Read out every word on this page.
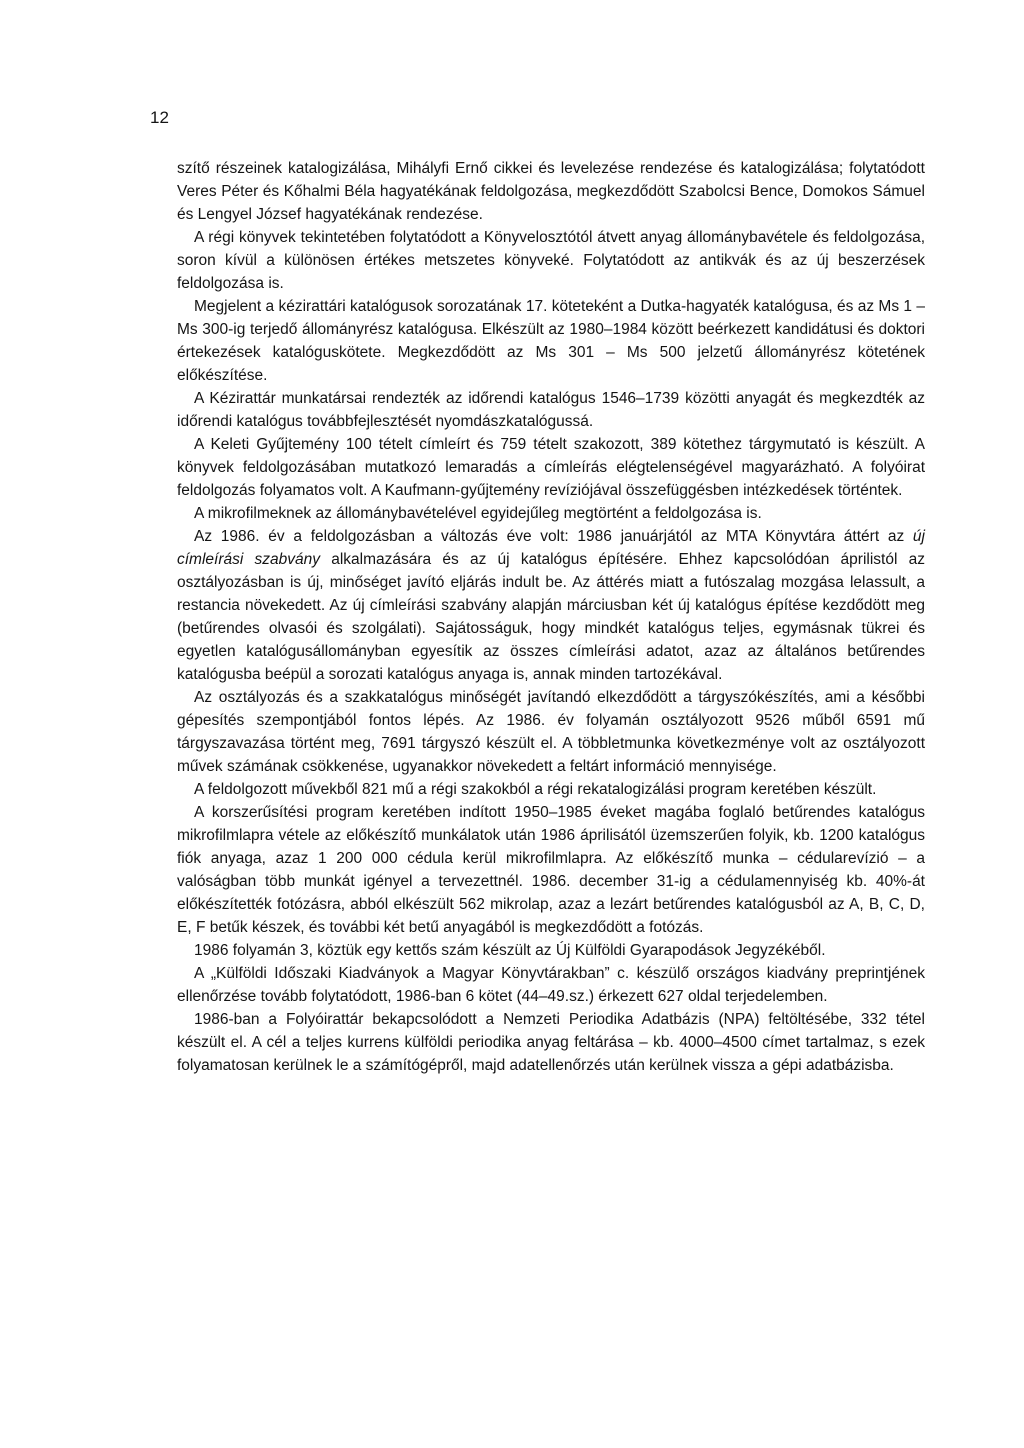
12

szítő részeinek katalogizálása, Mihályfi Ernő cikkei és levelezése rendezése és katalogizálása; folytatódott Veres Péter és Kőhalmi Béla hagyatékának feldolgozása, megkezdődött Szabolcsi Bence, Domokos Sámuel és Lengyel József hagyatékának rendezése.

A régi könyvek tekintetében folytatódott a Könyvelosztótól átvett anyag állománybavétele és feldolgozása, soron kívül a különösen értékes metszetes könyveké. Folytatódott az antikvák és az új beszerzések feldolgozása is.

Megjelent a kézirattári katalógusok sorozatának 17. köteteként a Dutka-hagyaték katalógusa, és az Ms 1 – Ms 300-ig terjedő állományrész katalógusa. Elkészült az 1980–1984 között beérkezett kandidátusi és doktori értekezések katalóguskötete. Megkezdődött az Ms 301 – Ms 500 jelzetű állományrész kötetének előkészítése.

A Kézirattár munkatársai rendezték az időrendi katalógus 1546–1739 közötti anyagát és megkezdték az időrendi katalógus továbbfejlesztését nyomdászkatalógussá.

A Keleti Gyűjtemény 100 tételt címleírt és 759 tételt szakozott, 389 kötethez tárgymutató is készült. A könyvek feldolgozásában mutatkozó lemaradás a címleírás elégtelenségével magyarázható. A folyóirat feldolgozás folyamatos volt. A Kaufmann-gyűjtemény revíziójával összefüggésben intézkedések történtek.

A mikrofilmeknek az állománybavételével egyidejűleg megtörtént a feldolgozása is.

Az 1986. év a feldolgozásban a változás éve volt: 1986 januárjától az MTA Könyvtára áttért az új címleírási szabvány alkalmazására és az új katalógus építésére. Ehhez kapcsolódóan áprilistól az osztályozásban is új, minőséget javító eljárás indult be. Az áttérés miatt a futószalag mozgása lelassult, a restancia növekedett. Az új címleírási szabvány alapján márciusban két új katalógus építése kezdődött meg (betűrendes olvasói és szolgálati). Sajátosságuk, hogy mindkét katalógus teljes, egymásnak tükrei és egyetlen katalógusállományban egyesítik az összes címleírási adatot, azaz az általános betűrendes katalógusba beépül a sorozati katalógus anyaga is, annak minden tartozékával.

Az osztályozás és a szakkatalógus minőségét javítandó elkezdődött a tárgyszókészítés, ami a későbbi gépesítés szempontjából fontos lépés. Az 1986. év folyamán osztályozott 9526 műből 6591 mű tárgyszavazása történt meg, 7691 tárgyszó készült el. A többletmunka következménye volt az osztályozott művek számának csökkenése, ugyanakkor növekedett a feltárt információ mennyisége.

A feldolgozott művekből 821 mű a régi szakokból a régi rekatalogizálási program keretében készült.

A korszerűsítési program keretében indított 1950–1985 éveket magába foglaló betűrendes katalógus mikrofilmlapra vétele az előkészítő munkálatok után 1986 áprilisától üzemszerűen folyik, kb. 1200 katalógus fiók anyaga, azaz 1 200 000 cédula kerül mikrofilmlapra. Az előkészítő munka – cédularevízió – a valóságban több munkát igényel a tervezettnél. 1986. december 31-ig a cédulamennyiség kb. 40%-át előkészítették fotózásra, abból elkészült 562 mikrolap, azaz a lezárt betűrendes katalógusból az A, B, C, D, E, F betűk készek, és további két betű anyagából is megkezdődött a fotózás.

1986 folyamán 3, köztük egy kettős szám készült az Új Külföldi Gyarapodások Jegyzékéből.

A „Külföldi Időszaki Kiadványok a Magyar Könyvtárakban” c. készülő országos kiadvány preprintjének ellenőrzése tovább folytatódott, 1986-ban 6 kötet (44–49.sz.) érkezett 627 oldal terjedelemben.

1986-ban a Folyóirattár bekapcsolódott a Nemzeti Periodika Adatbázis (NPA) feltöltésébe, 332 tétel készült el. A cél a teljes kurrens külföldi periodika anyag feltárása – kb. 4000–4500 címet tartalmaz, s ezek folyamatosan kerülnek le a számítógépről, majd adatellenőrzés után kerülnek vissza a gépi adatbázisba.
